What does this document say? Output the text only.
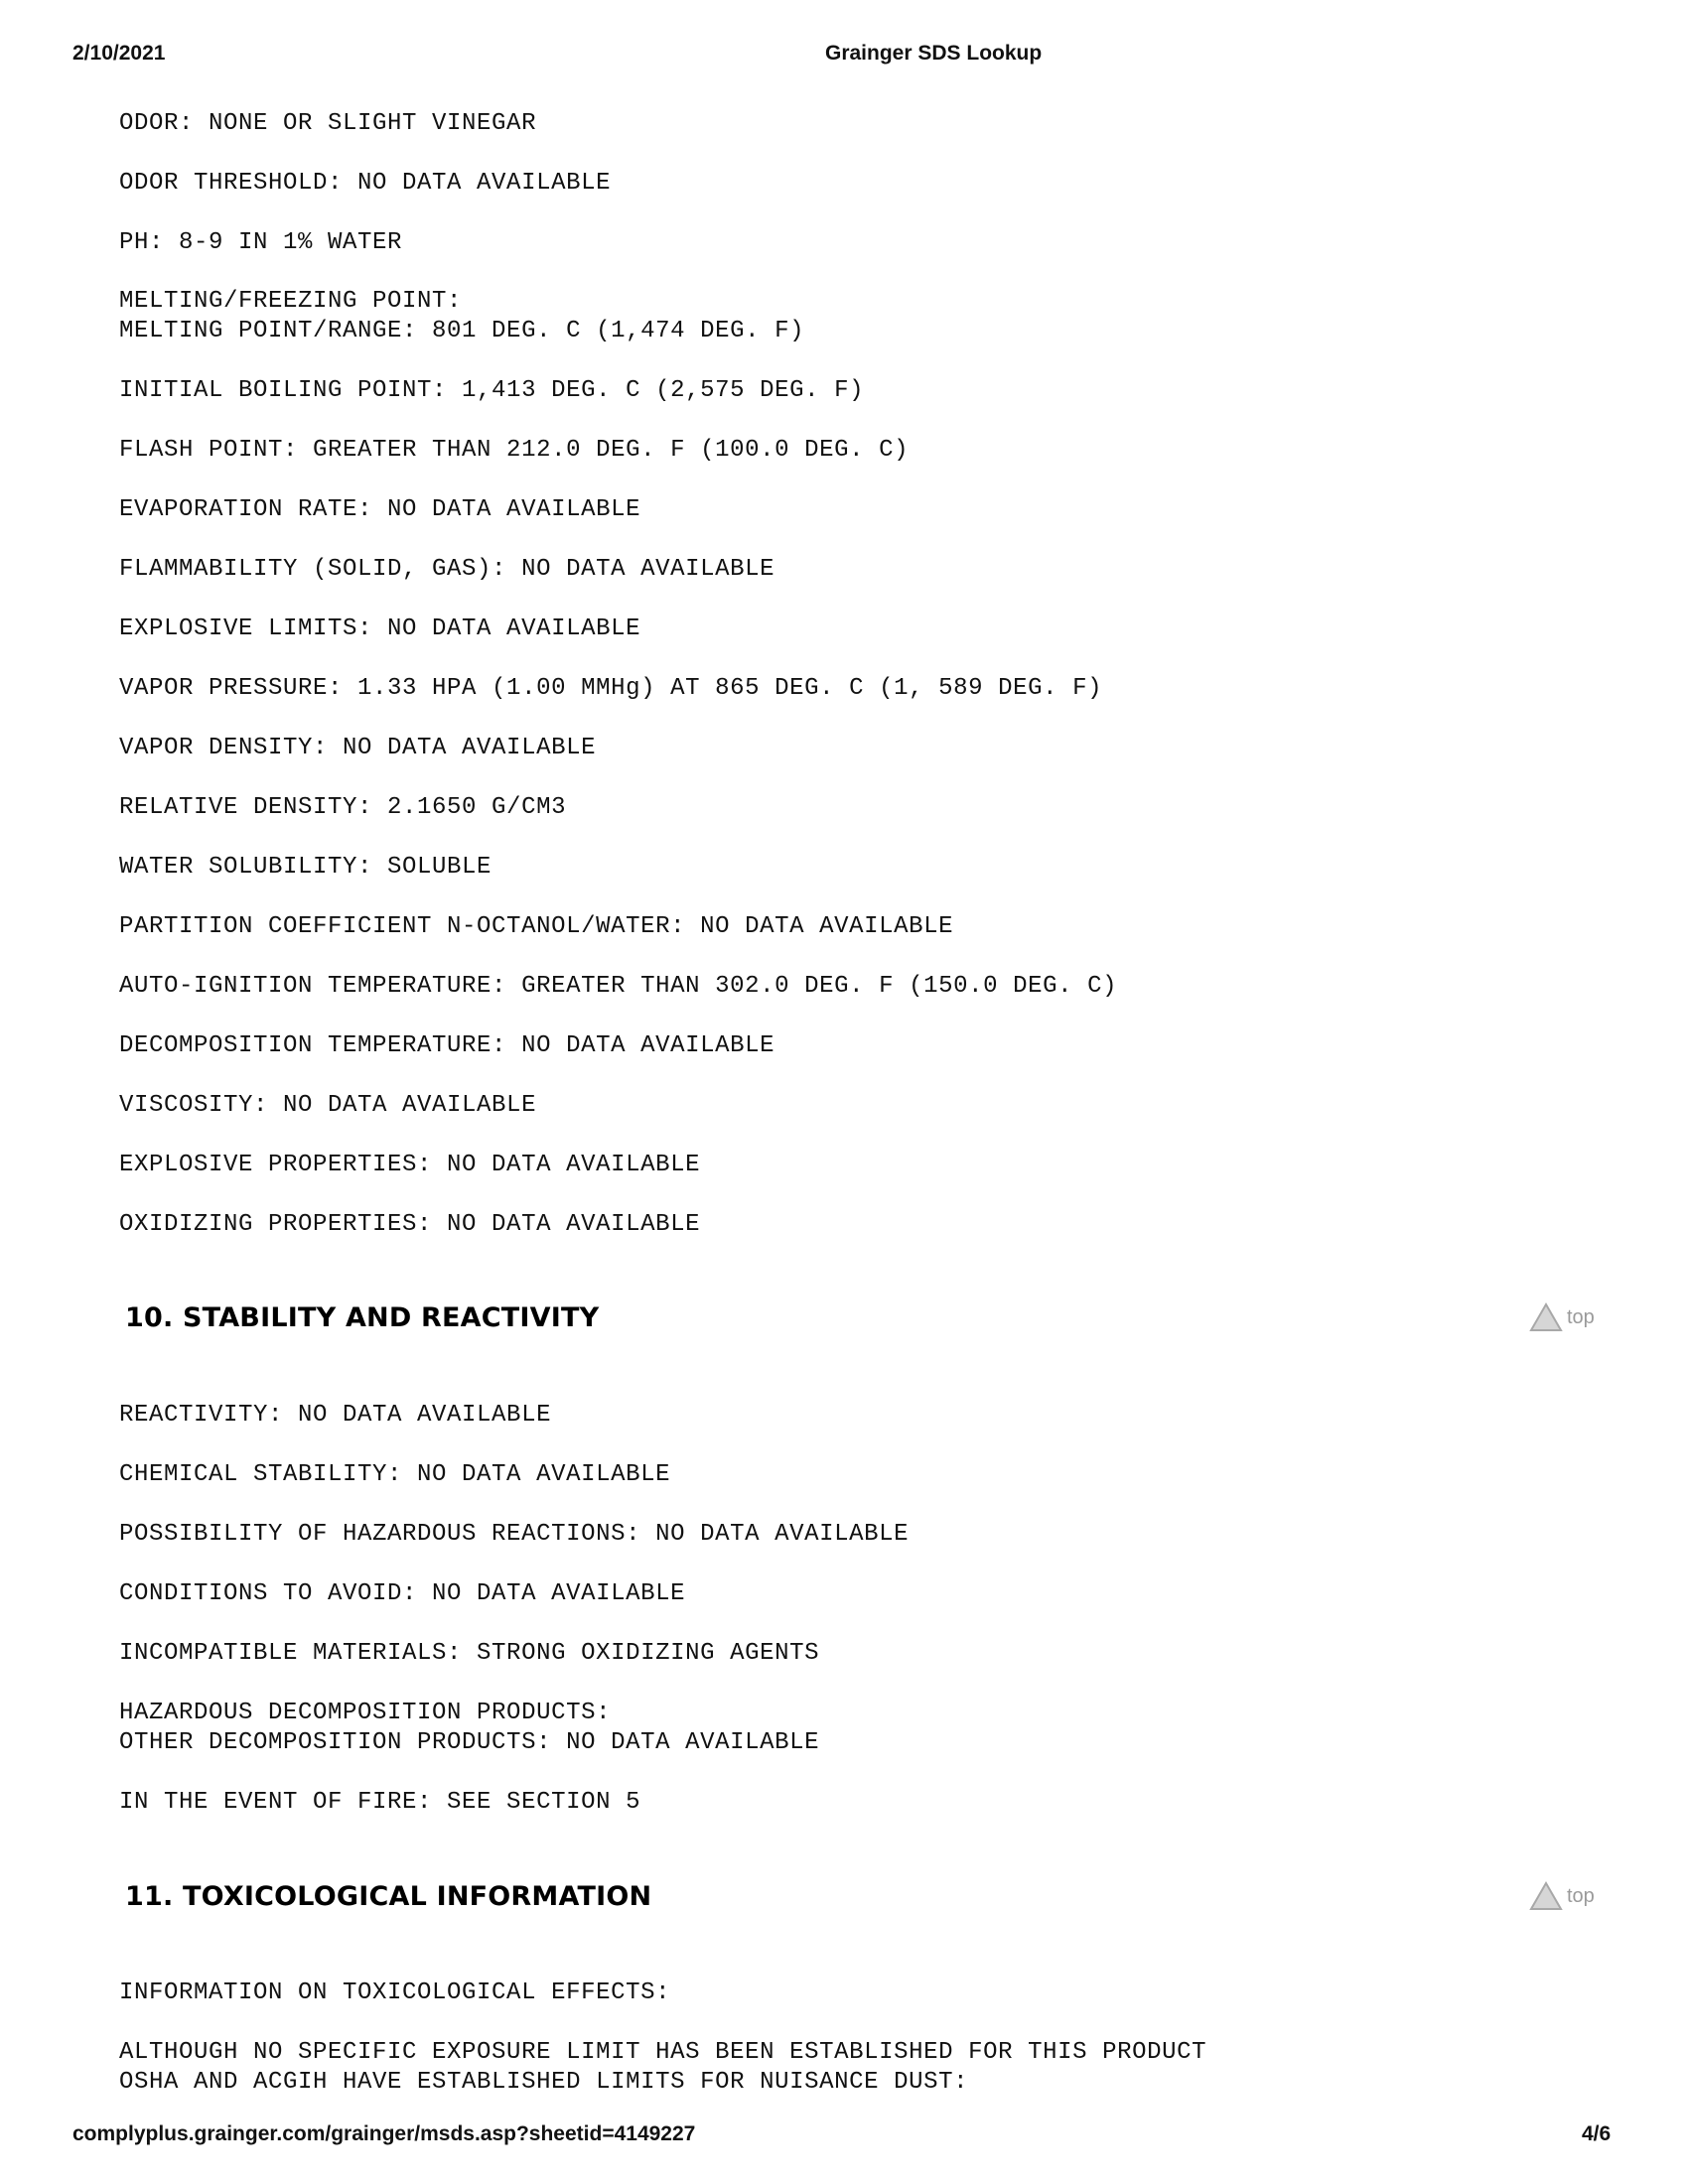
2/10/2021	Grainger SDS Lookup
ODOR: NONE OR SLIGHT VINEGAR
ODOR THRESHOLD: NO DATA AVAILABLE
PH: 8-9 IN 1% WATER
MELTING/FREEZING POINT:
MELTING POINT/RANGE: 801 DEG. C (1,474 DEG. F)
INITIAL BOILING POINT: 1,413 DEG. C (2,575 DEG. F)
FLASH POINT: GREATER THAN 212.0 DEG. F (100.0 DEG. C)
EVAPORATION RATE: NO DATA AVAILABLE
FLAMMABILITY (SOLID, GAS): NO DATA AVAILABLE
EXPLOSIVE LIMITS: NO DATA AVAILABLE
VAPOR PRESSURE: 1.33 HPA (1.00 MMHg) AT 865 DEG. C (1, 589 DEG. F)
VAPOR DENSITY: NO DATA AVAILABLE
RELATIVE DENSITY: 2.1650 G/CM3
WATER SOLUBILITY: SOLUBLE
PARTITION COEFFICIENT N-OCTANOL/WATER: NO DATA AVAILABLE
AUTO-IGNITION TEMPERATURE: GREATER THAN 302.0 DEG. F (150.0 DEG. C)
DECOMPOSITION TEMPERATURE: NO DATA AVAILABLE
VISCOSITY: NO DATA AVAILABLE
EXPLOSIVE PROPERTIES: NO DATA AVAILABLE
OXIDIZING PROPERTIES: NO DATA AVAILABLE
10. STABILITY AND REACTIVITY	top
REACTIVITY: NO DATA AVAILABLE
CHEMICAL STABILITY: NO DATA AVAILABLE
POSSIBILITY OF HAZARDOUS REACTIONS: NO DATA AVAILABLE
CONDITIONS TO AVOID: NO DATA AVAILABLE
INCOMPATIBLE MATERIALS: STRONG OXIDIZING AGENTS
HAZARDOUS DECOMPOSITION PRODUCTS:
OTHER DECOMPOSITION PRODUCTS: NO DATA AVAILABLE
IN THE EVENT OF FIRE: SEE SECTION 5
11. TOXICOLOGICAL INFORMATION	top
INFORMATION ON TOXICOLOGICAL EFFECTS:
ALTHOUGH NO SPECIFIC EXPOSURE LIMIT HAS BEEN ESTABLISHED FOR THIS PRODUCT
OSHA AND ACGIH HAVE ESTABLISHED LIMITS FOR NUISANCE DUST:
complyplus.grainger.com/grainger/msds.asp?sheetid=4149227	4/6
